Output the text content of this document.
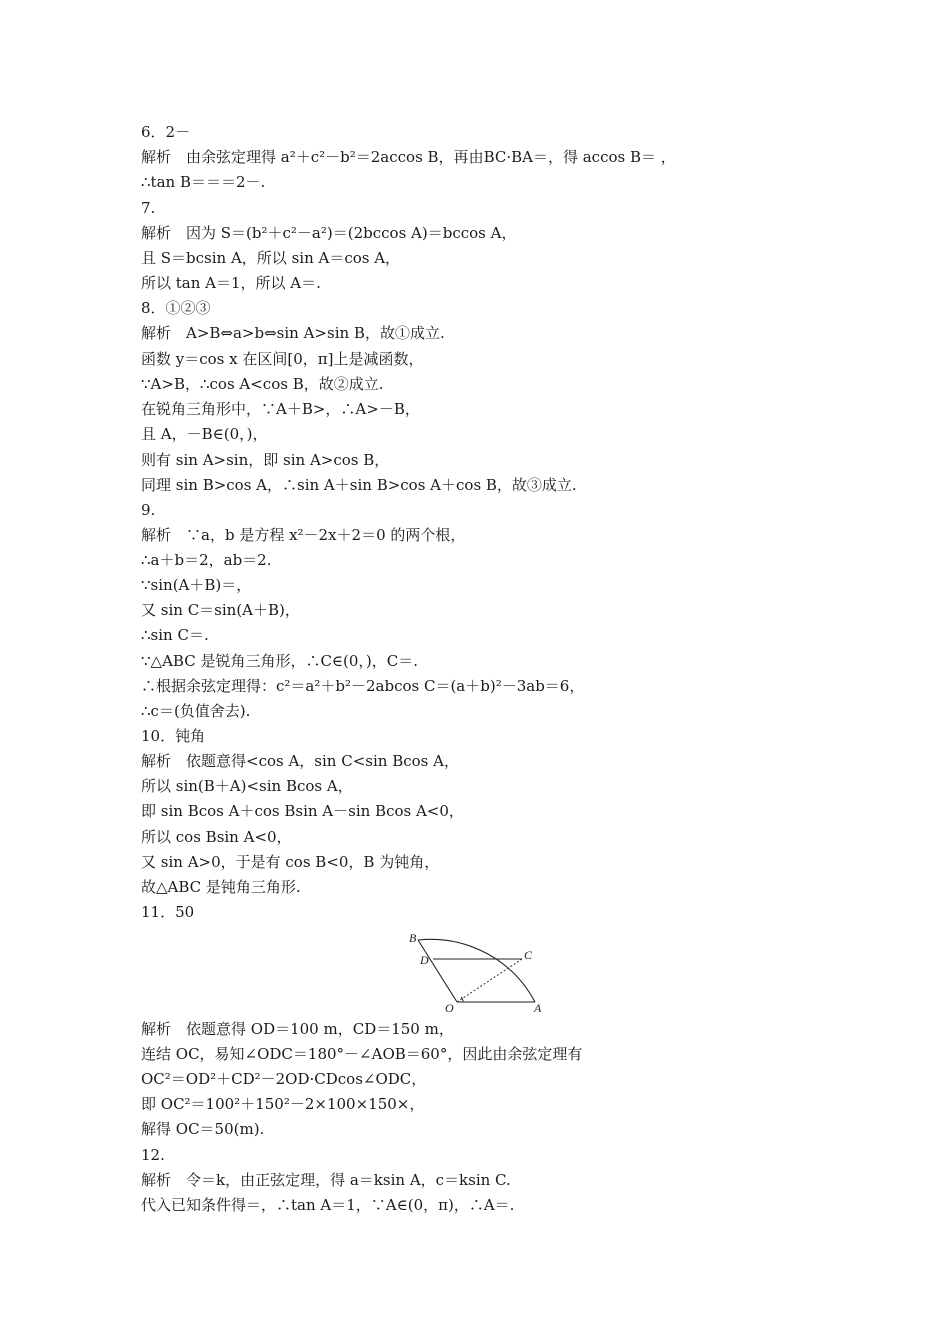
6．2－
解析　由余弦定理得 a²＋c²－b²＝2accos B，再由BC·BA＝，得 accos B＝ ，
∴tan B＝＝＝2－.
7.
解析　因为 S＝(b²＋c²－a²)＝(2bccos A)＝bccos A，
且 S＝bcsin A，所以 sin A＝cos A，
所以 tan A＝1，所以 A＝.
8．①②③
解析　A>B⇔a>b⇔sin A>sin B，故①成立.
函数 y＝cos x 在区间[0，π]上是减函数，
∵A>B，∴cos A<cos B，故②成立.
在锐角三角形中，∵A＋B>，∴A>－B，
且 A，－B∈(0，)，
则有 sin A>sin，即 sin A>cos B，
同理 sin B>cos A，∴sin A＋sin B>cos A＋cos B，故③成立.
9.
解析　∵a，b 是方程 x²－2x＋2＝0 的两个根，
∴a＋b＝2，ab＝2.
∵sin(A＋B)＝，
又 sin C＝sin(A＋B)，
∴sin C＝.
∵△ABC 是锐角三角形，∴C∈(0，)，C＝.
∴根据余弦定理得：c²＝a²＋b²－2abcos C＝(a＋b)²－3ab＝6，
∴c＝(负值舍去).
10．钝角
解析　依题意得<cos A，sin C<sin Bcos A，
所以 sin(B＋A)<sin Bcos A，
即 sin Bcos A＋cos Bsin A－sin Bcos A<0，
所以 cos Bsin A<0，
又 sin A>0，于是有 cos B<0，B 为钝角，
故△ABC 是钝角三角形.
11．50
B
C
D
O	A
解析　依题意得 OD＝100 m，CD＝150 m，
连结 OC，易知∠ODC＝180°－∠AOB＝60°，因此由余弦定理有
OC²＝OD²＋CD²－2OD·CDcos∠ODC，
即 OC²＝100²＋150²－2×100×150×，
解得 OC＝50(m).
12.
解析　令＝k，由正弦定理，得 a＝ksin A，c＝ksin C.
代入已知条件得＝，∴tan A＝1，∵A∈(0，π)，∴A＝.
